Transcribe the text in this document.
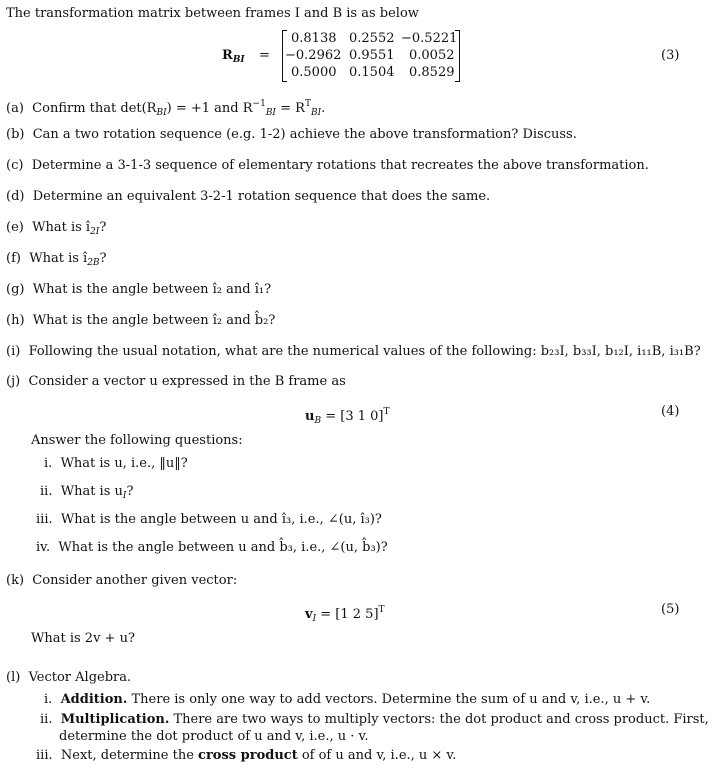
The transformation matrix between frames I and B is as below
$R_{BI}$ =
0.8138 0.2552 −0.5221
−0.2962 0.9551 0.0052
0.5000 0.1504 0.8529
(3)
(a) Confirm that $\det(R_{BI}) = +1$ and $R^{-1}_{BI} = R^T_{BI}$.
(b) Can a two rotation sequence (e.g. 1-2) achieve the above transformation? Discuss.
(c) Determine a 3-1-3 sequence of elementary rotations that recreates the above transformation.
(d) Determine an equivalent 3-2-1 rotation sequence that does the same.
(e) What is $î_{2I}$?
(f) What is $î_{2B}$?
(g) What is the angle between î₂ and î₁?
(h) What is the angle between î₂ and b̂₂?
(i) Following the usual notation, what are the numerical values of the following: b₂₃I, b₃₃I, b₁₂I, i₁₁B, i₃₁B?
(j) Consider a vector u expressed in the B frame as
$u_B = [3$ 1 0]$^T$	(4)
Answer the following questions:
i. What is u, i.e., ‖u‖?
ii. What is $u_I$?
iii. What is the angle between u and î₃, i.e., ∠(u, î₃)?
iv. What is the angle between u and b̂₃, i.e., ∠(u, b̂₃)?
(k) Consider another given vector:
$v_I = [1$ 2 5]$^T$	(5)
What is 2v + u?
(l) Vector Algebra.
i. Addition. There is only one way to add vectors. Determine the sum of u and v, i.e., u + v.
ii. Multiplication. There are two ways to multiply vectors: the dot product and cross product. First,
determine the dot product of u and v, i.e., u · v.
iii. Next, determine the cross product of of u and v, i.e., u × v.
